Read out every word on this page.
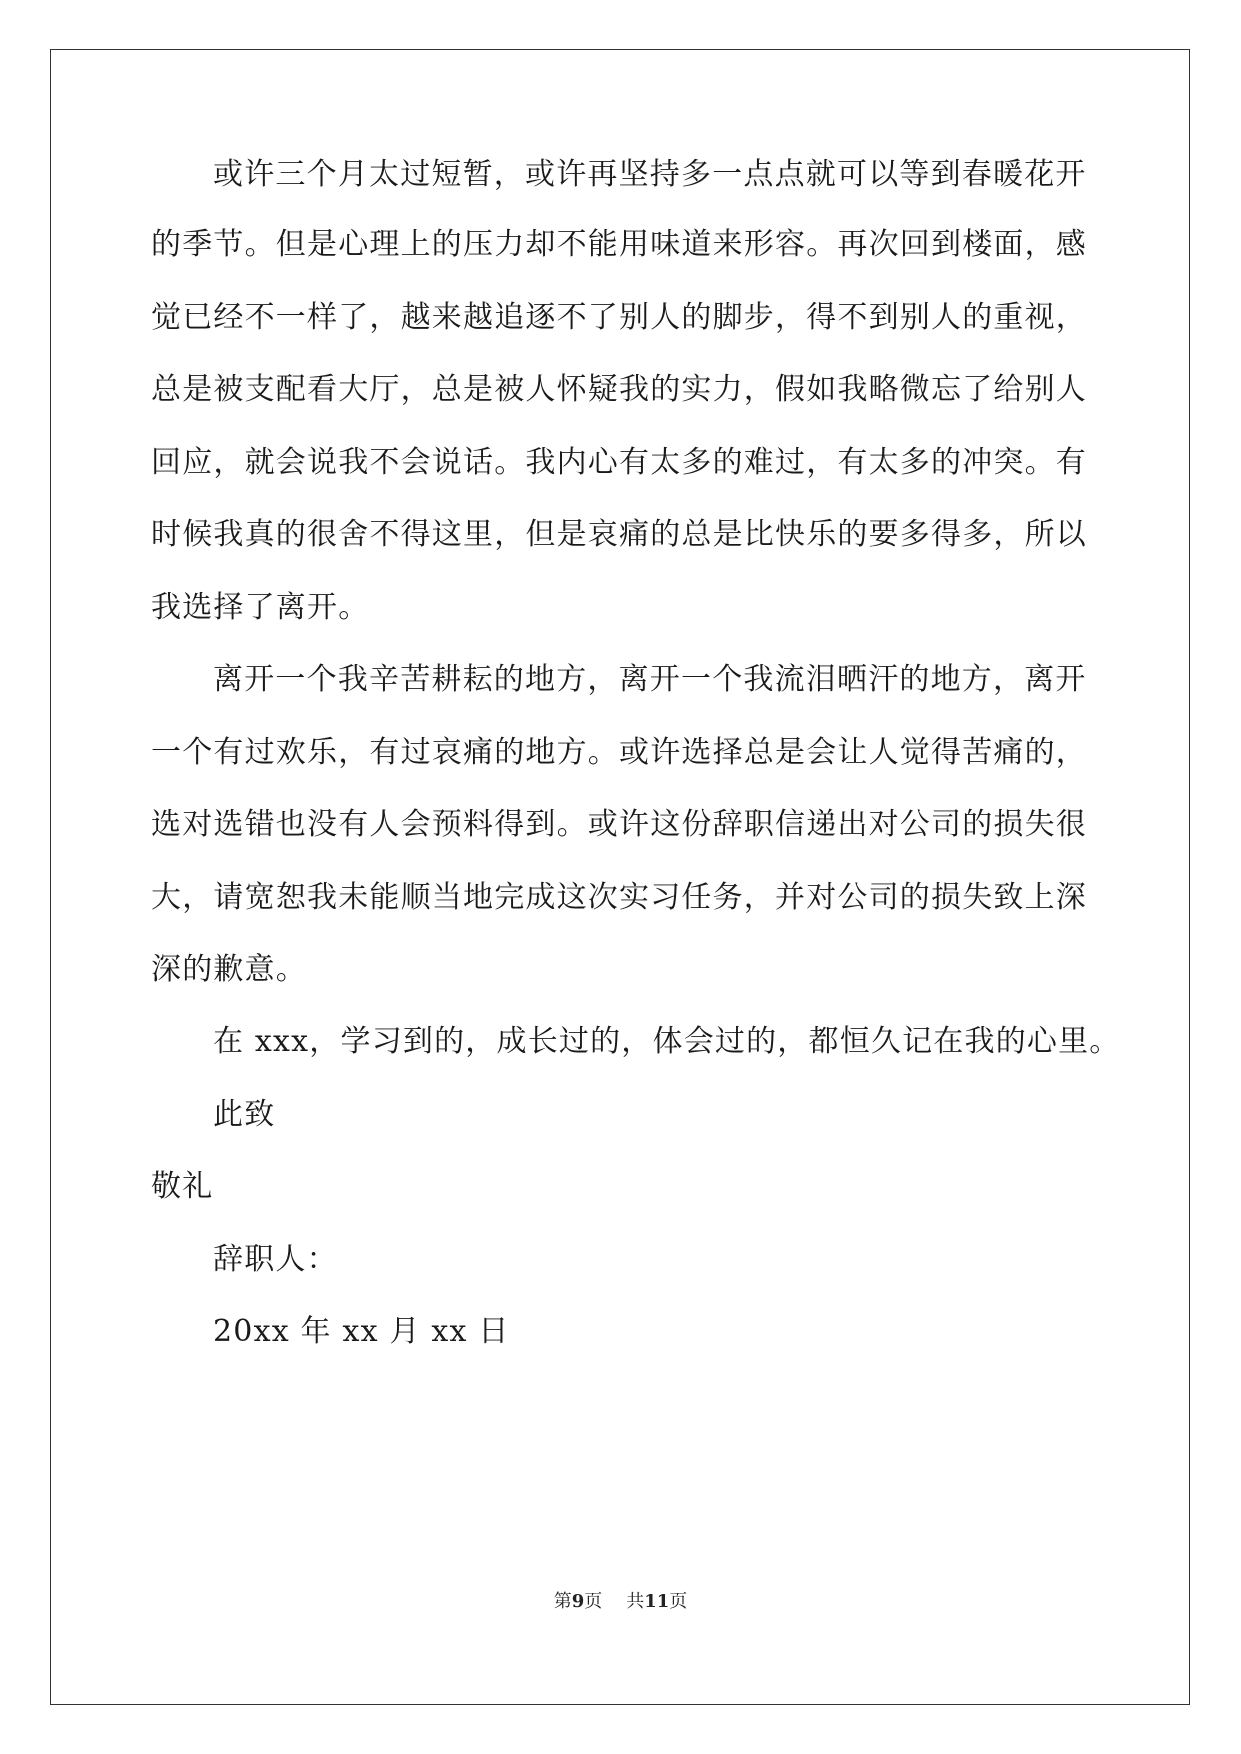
或许三个月太过短暂，或许再坚持多一点点就可以等到春暖花开
的季节。但是心理上的压力却不能用味道来形容。再次回到楼面，感
觉已经不一样了，越来越追逐不了别人的脚步，得不到别人的重视，
总是被支配看大厅，总是被人怀疑我的实力，假如我略微忘了给别人
回应，就会说我不会说话。我内心有太多的难过，有太多的冲突。有
时候我真的很舍不得这里，但是哀痛的总是比快乐的要多得多，所以
我选择了离开。
离开一个我辛苦耕耘的地方，离开一个我流泪晒汗的地方，离开
一个有过欢乐，有过哀痛的地方。或许选择总是会让人觉得苦痛的，
选对选错也没有人会预料得到。或许这份辞职信递出对公司的损失很
大，请宽恕我未能顺当地完成这次实习任务，并对公司的损失致上深
深的歉意。
在 xxx，学习到的，成长过的，体会过的，都恒久记在我的心里。
此致
敬礼
辞职人：
20xx 年 xx 月 xx 日
第9页 共11页
